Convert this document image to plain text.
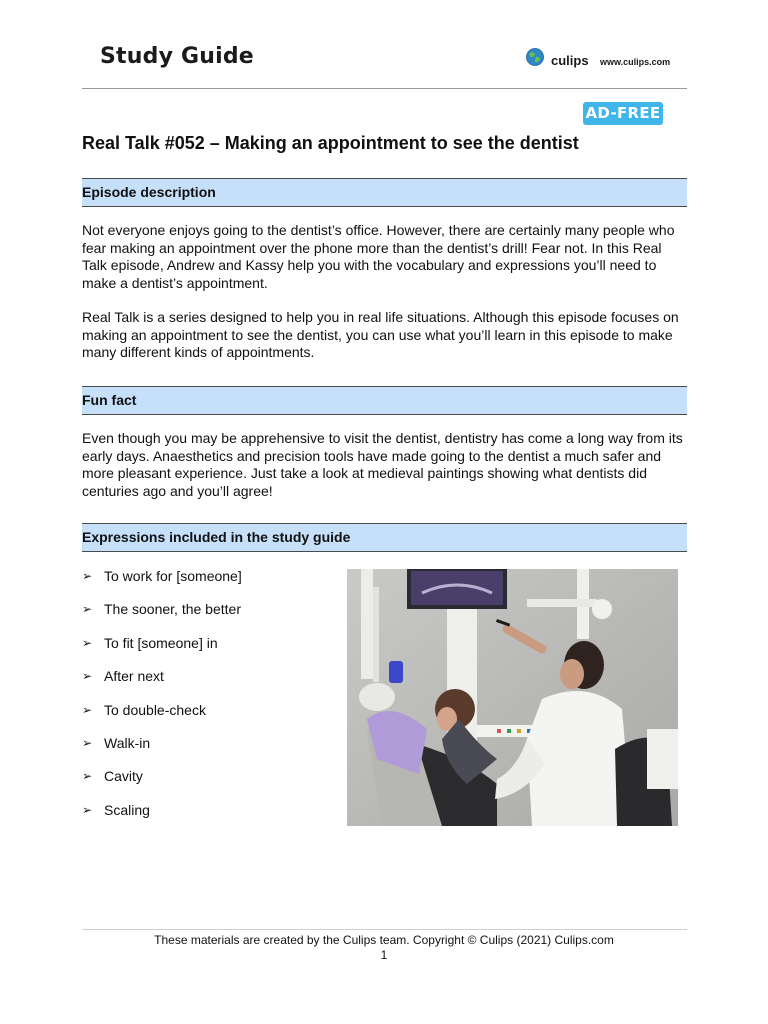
Study Guide	culips www.culips.com
AD-FREE
Real Talk #052 – Making an appointment to see the dentist
Episode description

Not everyone enjoys going to the dentist’s office. However, there are certainly many people who fear making an appointment over the phone more than the dentist’s drill! Fear not. In this Real Talk episode, Andrew and Kassy help you with the vocabulary and expressions you’ll need to make a dentist’s appointment.

Real Talk is a series designed to help you in real life situations. Although this episode focuses on making an appointment to see the dentist, you can use what you’ll learn in this episode to make many different kinds of appointments.

Fun fact

Even though you may be apprehensive to visit the dentist, dentistry has come a long way from its early days. Anaesthetics and precision tools have made going to the dentist a much safer and more pleasant experience. Just take a look at medieval paintings showing what dentists did centuries ago and you’ll agree!

Expressions included in the study guide
➢ To work for [someone]
➢ The sooner, the better
➢ To fit [someone] in
➢ After next
➢ To double-check
➢ Walk-in
➢ Cavity
➢ Scaling
These materials are created by the Culips team. Copyright © Culips (2021) Culips.com
1
